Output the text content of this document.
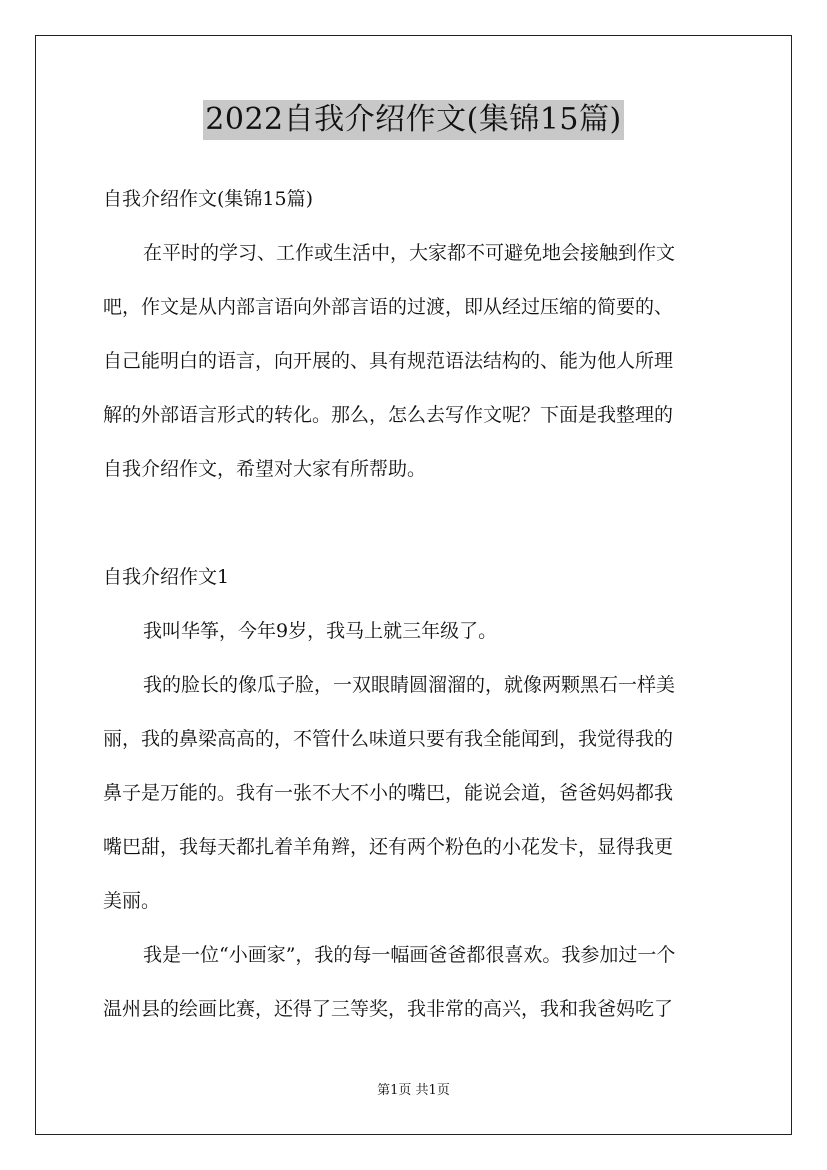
2022自我介绍作文(集锦15篇)
自我介绍作文(集锦15篇)
在平时的学习、工作或生活中，大家都不可避免地会接触到作文
吧，作文是从内部言语向外部言语的过渡，即从经过压缩的简要的、
自己能明白的语言，向开展的、具有规范语法结构的、能为他人所理
解的外部语言形式的转化。那么，怎么去写作文呢？下面是我整理的
自我介绍作文，希望对大家有所帮助。
自我介绍作文1
我叫华筝，今年9岁，我马上就三年级了。
我的脸长的像瓜子脸，一双眼睛圆溜溜的，就像两颗黑石一样美
丽，我的鼻梁高高的，不管什么味道只要有我全能闻到，我觉得我的
鼻子是万能的。我有一张不大不小的嘴巴，能说会道，爸爸妈妈都我
嘴巴甜，我每天都扎着羊角辫，还有两个粉色的小花发卡，显得我更
美丽。
我是一位“小画家”，我的每一幅画爸爸都很喜欢。我参加过一个
温州县的绘画比赛，还得了三等奖，我非常的高兴，我和我爸妈吃了
第1页 共1页
